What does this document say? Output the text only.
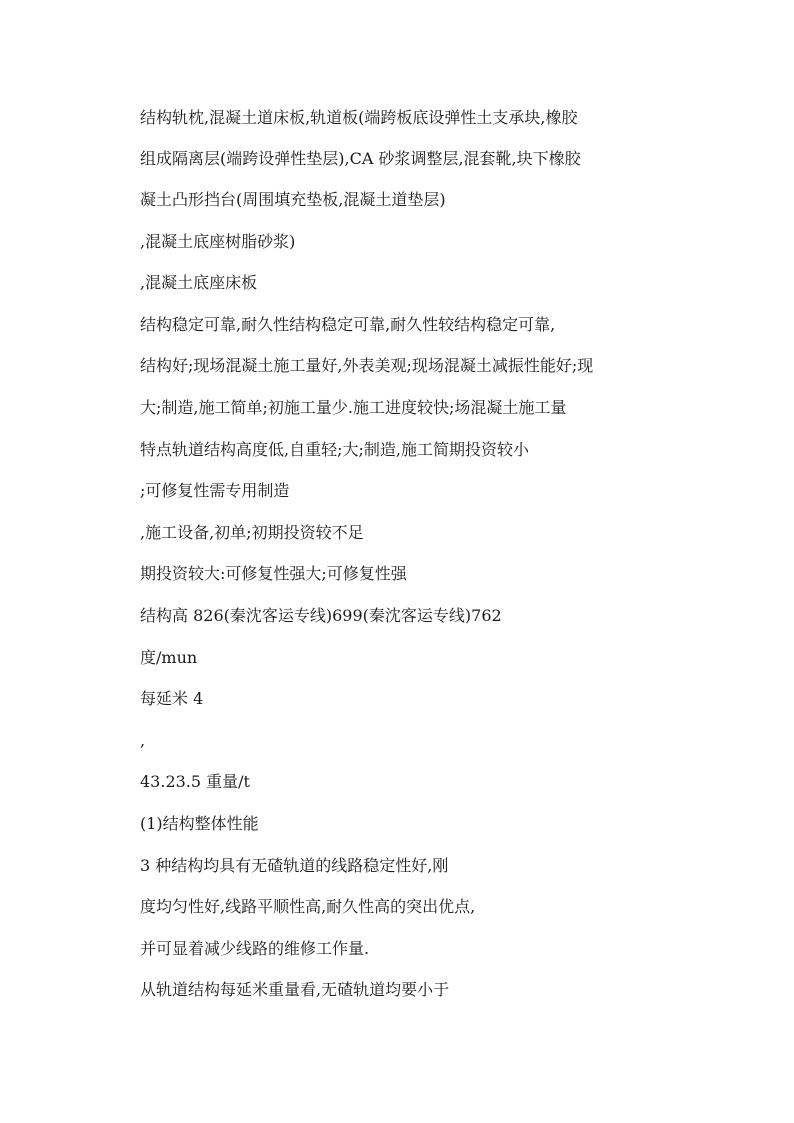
结构轨枕,混凝土道床板,轨道板(端跨板底设弹性土支承块,橡胶

组成隔离层(端跨设弹性垫层),CA 砂浆调整层,混套靴,块下橡胶

凝土凸形挡台(周围填充垫板,混凝土道垫层)

,混凝土底座树脂砂浆)

,混凝土底座床板

结构稳定可靠,耐久性结构稳定可靠,耐久性较结构稳定可靠,

结构好;现场混凝土施工量好,外表美观;现场混凝土减振性能好;现

大;制造,施工简单;初施工量少.施工进度较快;场混凝土施工量

特点轨道结构高度低,自重轻;大;制造,施工简期投资较小

;可修复性需专用制造

,施工设备,初单;初期投资较不足

期投资较大:可修复性强大;可修复性强

结构高 826(秦沈客运专线)699(秦沈客运专线)762

度/mun

每延米 4

,

43.23.5 重量/t

(1)结构整体性能

3 种结构均具有无碴轨道的线路稳定性好,刚

度均匀性好,线路平顺性高,耐久性高的突出优点,

并可显着减少线路的维修工作量.

从轨道结构每延米重量看,无碴轨道均要小于
